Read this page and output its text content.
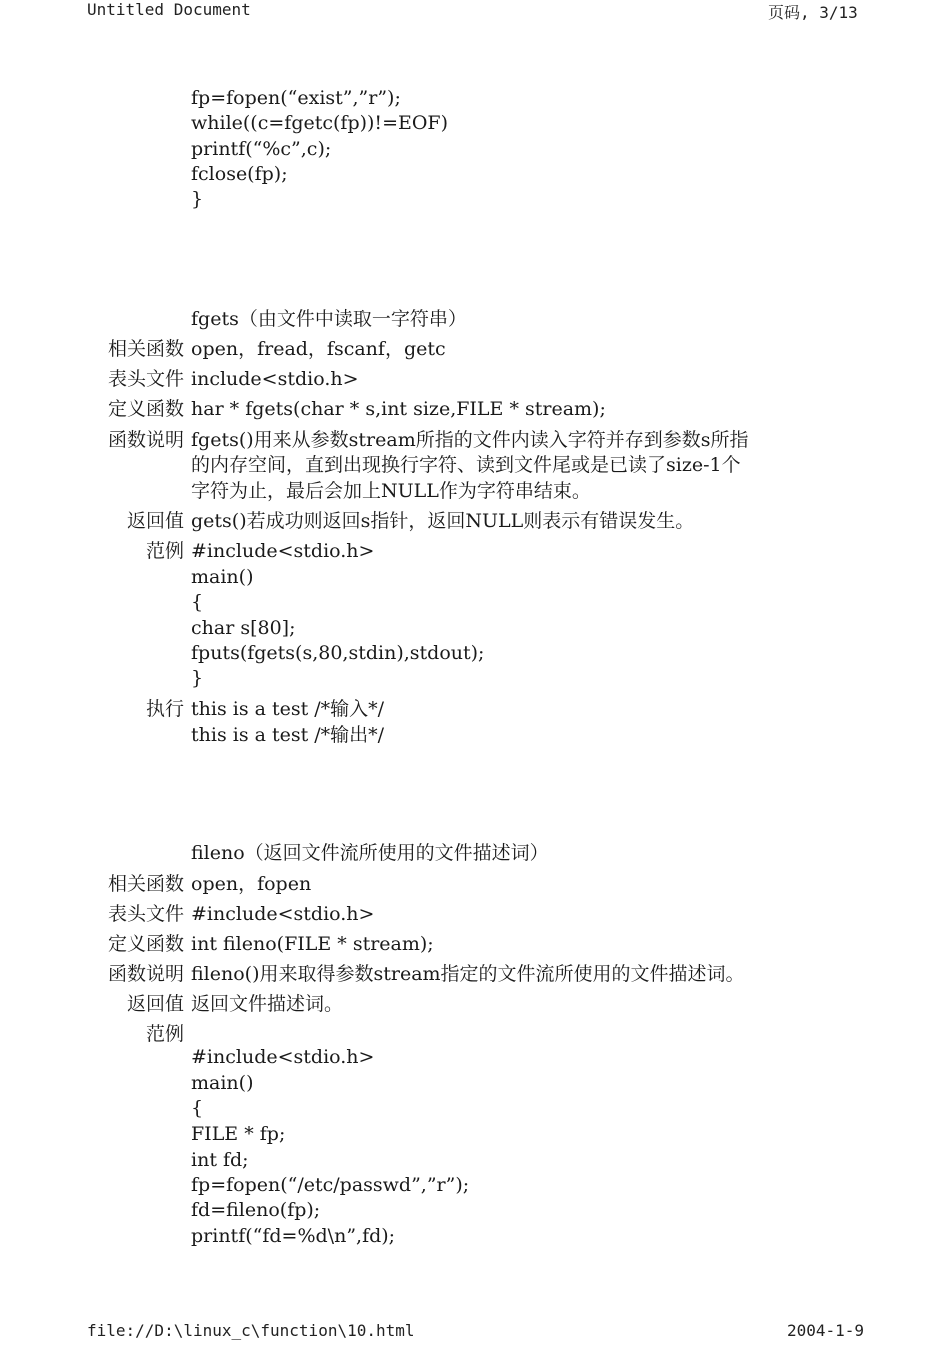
Untitled Document	页码, 3/13
fp=fopen(“exist”,”r”);
while((c=fgetc(fp))!=EOF)
printf(“%c”,c);
fclose(fp);
}
fgets（由文件中读取一字符串）
相关函数 open，fread，fscanf，getc
表头文件 include<stdio.h>
定义函数 har * fgets(char * s,int size,FILE * stream);
函数说明 fgets()用来从参数stream所指的文件内读入字符并存到参数s所指
的内存空间，直到出现换行字符、读到文件尾或是已读了size-1个
字符为止，最后会加上NULL作为字符串结束。
返回值 gets()若成功则返回s指针，返回NULL则表示有错误发生。
范例 #include<stdio.h>
main()
{
char s[80];
fputs(fgets(s,80,stdin),stdout);
}
执行 this is a test /*输入*/
this is a test /*输出*/
fileno（返回文件流所使用的文件描述词）
相关函数 open，fopen
表头文件 #include<stdio.h>
定义函数 int fileno(FILE * stream);
函数说明 fileno()用来取得参数stream指定的文件流所使用的文件描述词。
返回值 返回文件描述词。
范例
#include<stdio.h>
main()
{
FILE * fp;
int fd;
fp=fopen(“/etc/passwd”,”r”);
fd=fileno(fp);
printf(“fd=%d\n”,fd);
file://D:\linux_c\function\10.html	2004-1-9
